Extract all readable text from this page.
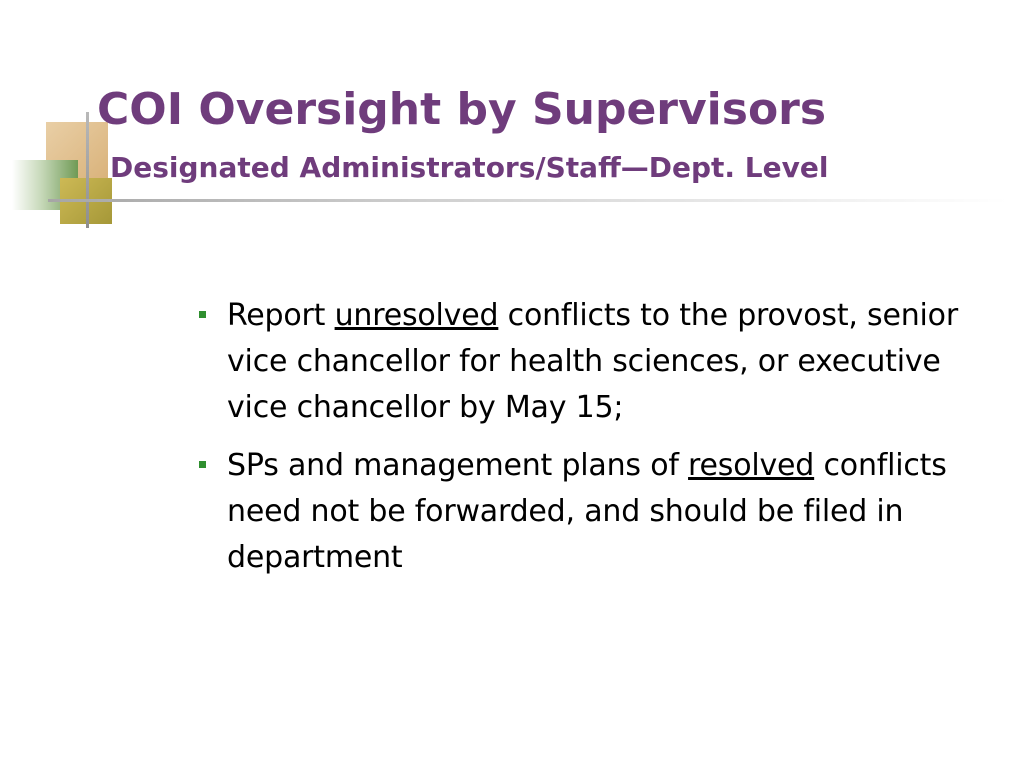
COI Oversight by Supervisors
Designated Administrators/Staff—Dept. Level
Report unresolved conflicts to the provost, senior vice chancellor for health sciences, or executive vice chancellor by May 15;
SPs and management plans of resolved conflicts need not be forwarded, and should be filed in department
